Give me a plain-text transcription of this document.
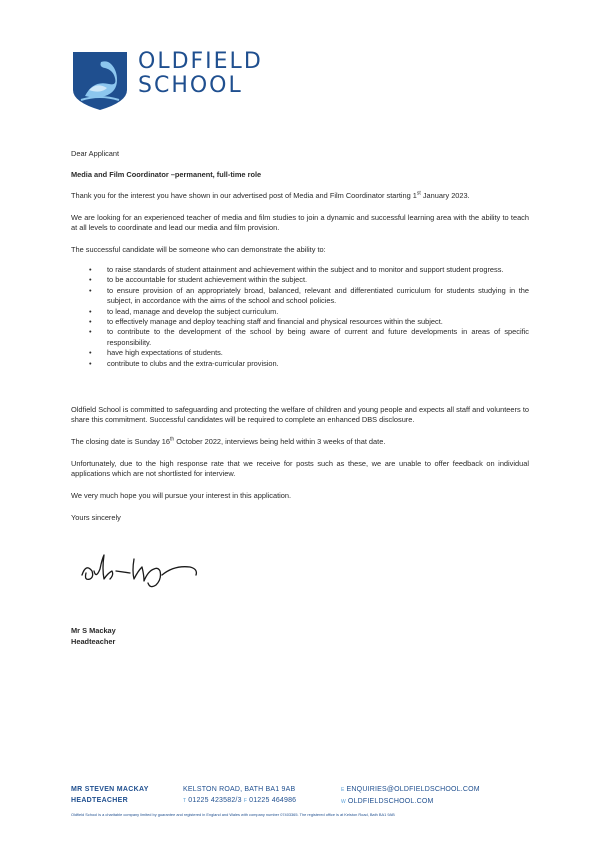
OLDFIELD
SCHOOL
Dear Applicant
Media and Film Coordinator –permanent, full-time role
Thank you for the interest you have shown in our advertised post of Media and Film Coordinator starting 1st January 2023.
We are looking for an experienced teacher of media and film studies to join a dynamic and successful learning area with the ability to teach at all levels to coordinate and lead our media and film provision.
The successful candidate will be someone who can demonstrate the ability to:
• to raise standards of student attainment and achievement within the subject and to monitor and support student progress.
• to be accountable for student achievement within the subject.
• to ensure provision of an appropriately broad, balanced, relevant and differentiated curriculum for students studying in the subject, in accordance with the aims of the school and school policies.
• to lead, manage and develop the subject curriculum.
• to effectively manage and deploy teaching staff and financial and physical resources within the subject.
• to contribute to the development of the school by being aware of current and future developments in areas of specific responsibility.
• have high expectations of students.
• contribute to clubs and the extra-curricular provision.
Oldfield School is committed to safeguarding and protecting the welfare of children and young people and expects all staff and volunteers to share this commitment. Successful candidates will be required to complete an enhanced DBS disclosure.
The closing date is Sunday 16th October 2022, interviews being held within 3 weeks of that date.
Unfortunately, due to the high response rate that we receive for posts such as these, we are unable to offer feedback on individual applications which are not shortlisted for interview.
We very much hope you will pursue your interest in this application.
Yours sincerely
Mr S Mackay
Headteacher
MR STEVEN MACKAY
HEADTEACHER
KELSTON ROAD, BATH BA1 9AB
T 01225 423582/3 F 01225 464986
E ENQUIRIES@OLDFIELDSCHOOL.COM
W OLDFIELDSCHOOL.COM
Oldfield School is a charitable company limited by guarantee and registered in England and Wales with company number 07403365. The registered office is at Kelston Road, Bath BA1 9AB
